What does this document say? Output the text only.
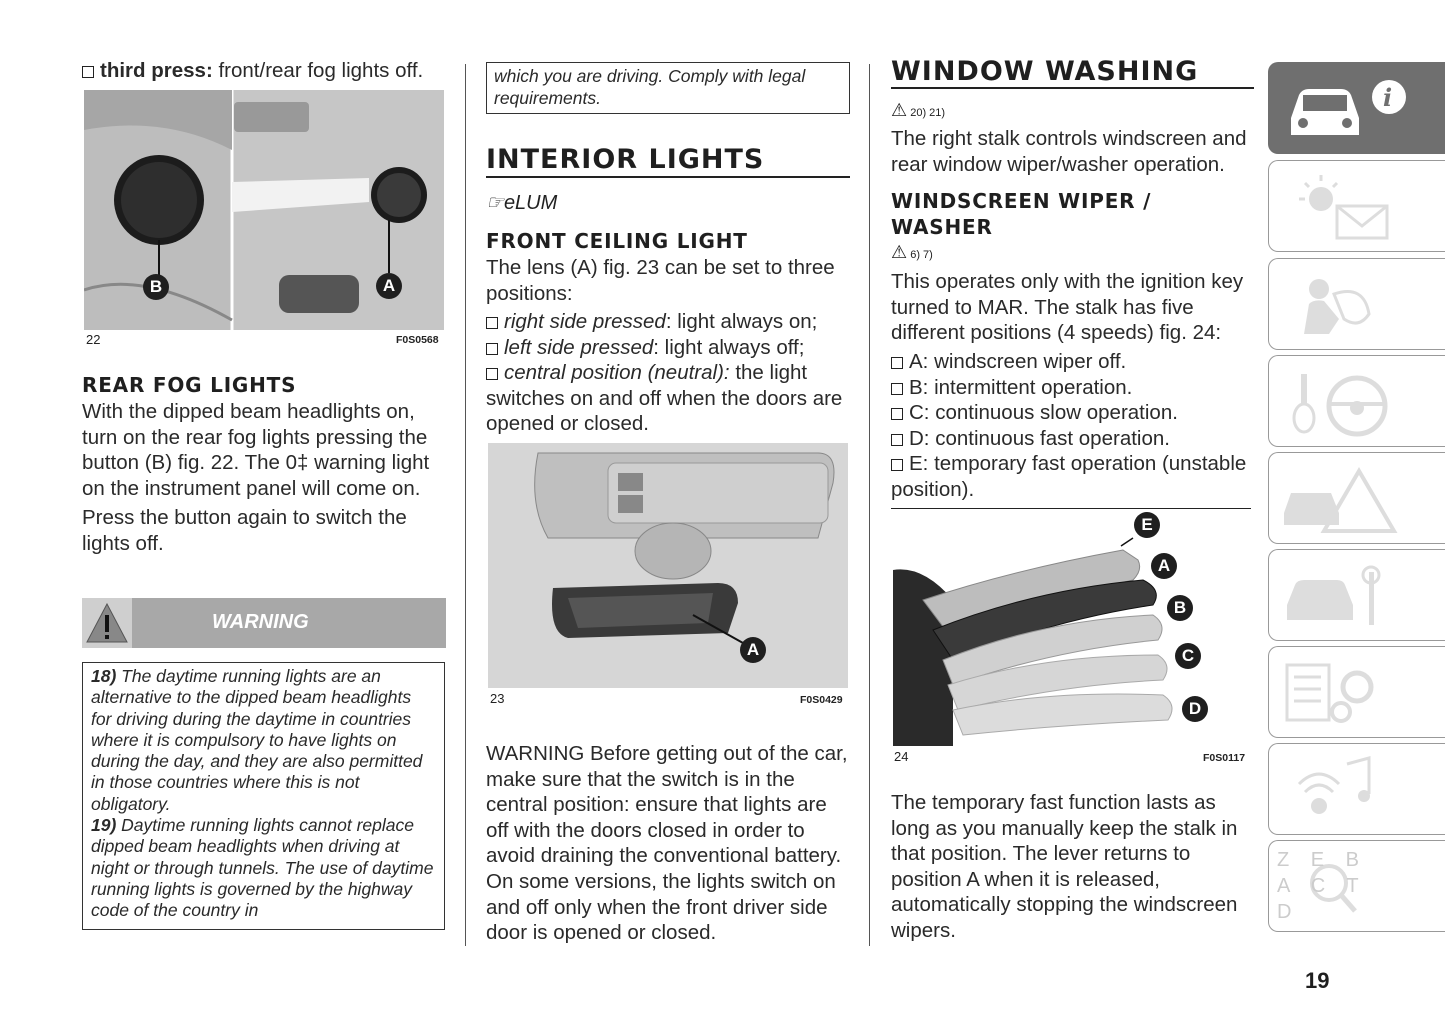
third press: front/rear fog lights off.
B	A
22	F0S0568
REAR FOG LIGHTS
With the dipped beam headlights on, turn on the rear fog lights pressing the button (B) fig. 22. The 0‡ warning light on the instrument panel will come on.
Press the button again to switch the lights off.
WARNING
18) The daytime running lights are an alternative to the dipped beam headlights for driving during the daytime in countries where it is compulsory to have lights on during the day, and they are also permitted in those countries where this is not obligatory.
19) Daytime running lights cannot replace dipped beam headlights when driving at night or through tunnels. The use of daytime running lights is governed by the highway code of the country in
which you are driving. Comply with legal requirements.
INTERIOR LIGHTS
☞eLUM
FRONT CEILING LIGHT
The lens (A) fig. 23 can be set to three positions:
right side pressed: light always on;
left side pressed: light always off;
central position (neutral): the light switches on and off when the doors are opened or closed.
A
23	F0S0429
WARNING Before getting out of the car, make sure that the switch is in the central position: ensure that lights are off with the doors closed in order to avoid draining the conventional battery. On some versions, the lights switch on and off only when the front driver side door is opened or closed.
WINDOW WASHING
⚠ 20) 21)
The right stalk controls windscreen and rear window wiper/washer operation.
WINDSCREEN WIPER /
WASHER
⚠ 6) 7)
This operates only with the ignition key turned to MAR. The stalk has five different positions (4 speeds) fig. 24:
A: windscreen wiper off.
B: intermittent operation.
C: continuous slow operation.
D: continuous fast operation.
E: temporary fast operation (unstable position).
E
A
B
C
D
24	F0S0117
The temporary fast function lasts as long as you manually keep the stalk in that position. The lever returns to position A when it is released, automatically stopping the windscreen wipers.
19
i
Z E B A C T D
